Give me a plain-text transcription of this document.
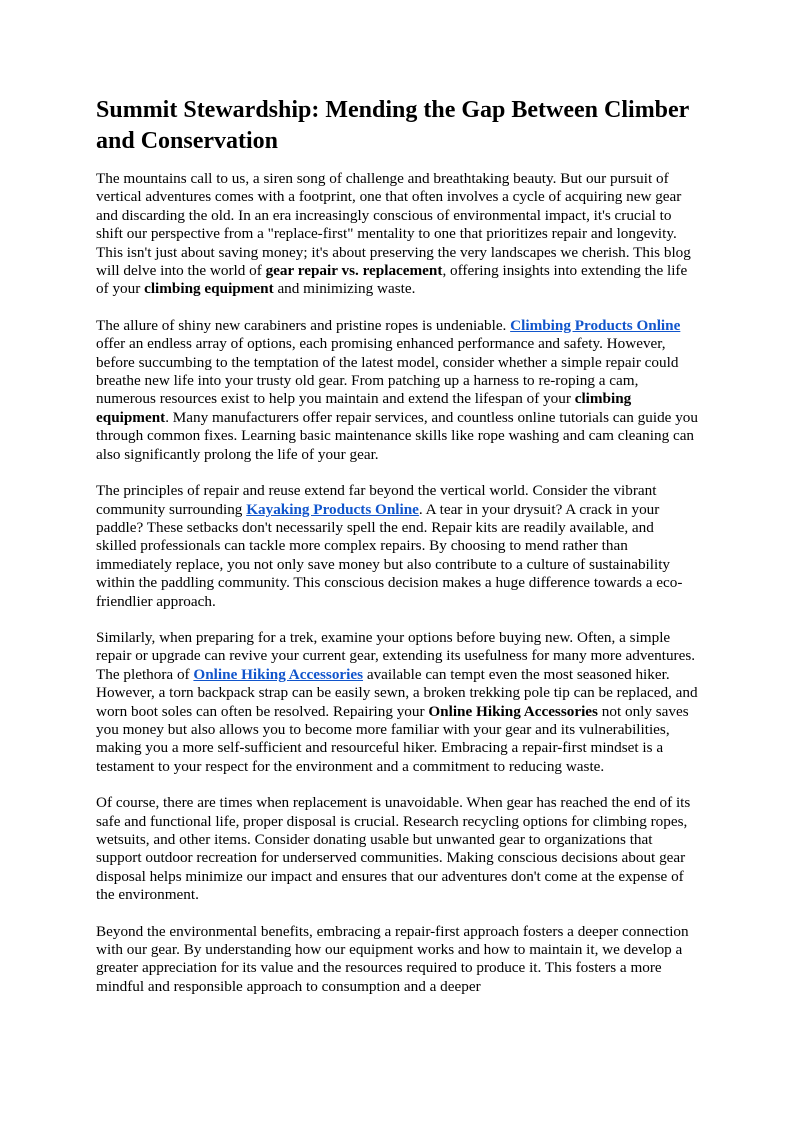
Summit Stewardship: Mending the Gap Between Climber and Conservation

The mountains call to us, a siren song of challenge and breathtaking beauty. But our pursuit of vertical adventures comes with a footprint, one that often involves a cycle of acquiring new gear and discarding the old. In an era increasingly conscious of environmental impact, it's crucial to shift our perspective from a "replace-first" mentality to one that prioritizes repair and longevity. This isn't just about saving money; it's about preserving the very landscapes we cherish. This blog will delve into the world of gear repair vs. replacement, offering insights into extending the life of your climbing equipment and minimizing waste.

The allure of shiny new carabiners and pristine ropes is undeniable. Climbing Products Online offer an endless array of options, each promising enhanced performance and safety. However, before succumbing to the temptation of the latest model, consider whether a simple repair could breathe new life into your trusty old gear. From patching up a harness to re-roping a cam, numerous resources exist to help you maintain and extend the lifespan of your climbing equipment. Many manufacturers offer repair services, and countless online tutorials can guide you through common fixes. Learning basic maintenance skills like rope washing and cam cleaning can also significantly prolong the life of your gear.

The principles of repair and reuse extend far beyond the vertical world. Consider the vibrant community surrounding Kayaking Products Online. A tear in your drysuit? A crack in your paddle? These setbacks don't necessarily spell the end. Repair kits are readily available, and skilled professionals can tackle more complex repairs. By choosing to mend rather than immediately replace, you not only save money but also contribute to a culture of sustainability within the paddling community. This conscious decision makes a huge difference towards a eco-friendlier approach.

Similarly, when preparing for a trek, examine your options before buying new. Often, a simple repair or upgrade can revive your current gear, extending its usefulness for many more adventures. The plethora of Online Hiking Accessories available can tempt even the most seasoned hiker. However, a torn backpack strap can be easily sewn, a broken trekking pole tip can be replaced, and worn boot soles can often be resolved. Repairing your Online Hiking Accessories not only saves you money but also allows you to become more familiar with your gear and its vulnerabilities, making you a more self-sufficient and resourceful hiker. Embracing a repair-first mindset is a testament to your respect for the environment and a commitment to reducing waste.

Of course, there are times when replacement is unavoidable. When gear has reached the end of its safe and functional life, proper disposal is crucial. Research recycling options for climbing ropes, wetsuits, and other items. Consider donating usable but unwanted gear to organizations that support outdoor recreation for underserved communities. Making conscious decisions about gear disposal helps minimize our impact and ensures that our adventures don't come at the expense of the environment.

Beyond the environmental benefits, embracing a repair-first approach fosters a deeper connection with our gear. By understanding how our equipment works and how to maintain it, we develop a greater appreciation for its value and the resources required to produce it. This fosters a more mindful and responsible approach to consumption and a deeper
